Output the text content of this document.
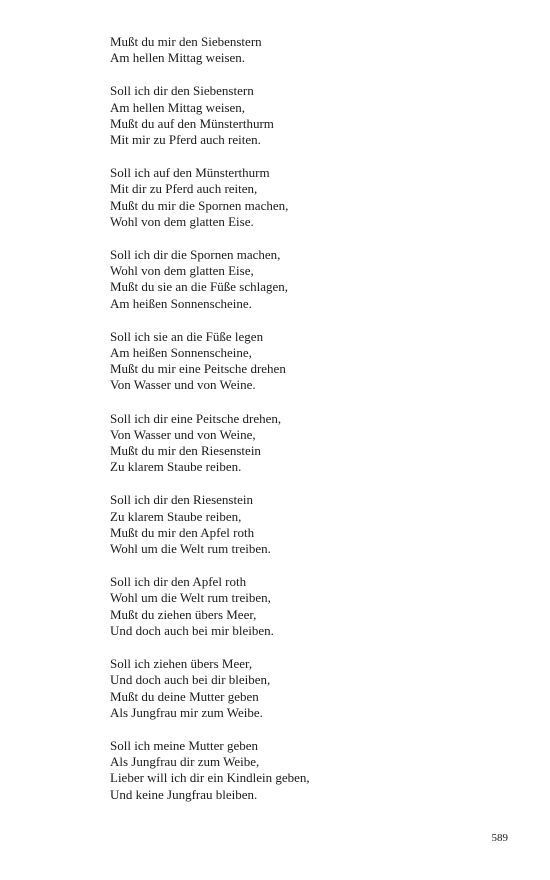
Mußt du mir den Siebenstern
Am hellen Mittag weisen.
Soll ich dir den Siebenstern
Am hellen Mittag weisen,
Mußt du auf den Münsterthurm
Mit mir zu Pferd auch reiten.
Soll ich auf den Münsterthurm
Mit dir zu Pferd auch reiten,
Mußt du mir die Spornen machen,
Wohl von dem glatten Eise.
Soll ich dir die Spornen machen,
Wohl von dem glatten Eise,
Mußt du sie an die Füße schlagen,
Am heißen Sonnenscheine.
Soll ich sie an die Füße legen
Am heißen Sonnenscheine,
Mußt du mir eine Peitsche drehen
Von Wasser und von Weine.
Soll ich dir eine Peitsche drehen,
Von Wasser und von Weine,
Mußt du mir den Riesenstein
Zu klarem Staube reiben.
Soll ich dir den Riesenstein
Zu klarem Staube reiben,
Mußt du mir den Apfel roth
Wohl um die Welt rum treiben.
Soll ich dir den Apfel roth
Wohl um die Welt rum treiben,
Mußt du ziehen übers Meer,
Und doch auch bei mir bleiben.
Soll ich ziehen übers Meer,
Und doch auch bei dir bleiben,
Mußt du deine Mutter geben
Als Jungfrau mir zum Weibe.
Soll ich meine Mutter geben
Als Jungfrau dir zum Weibe,
Lieber will ich dir ein Kindlein geben,
Und keine Jungfrau bleiben.
589
